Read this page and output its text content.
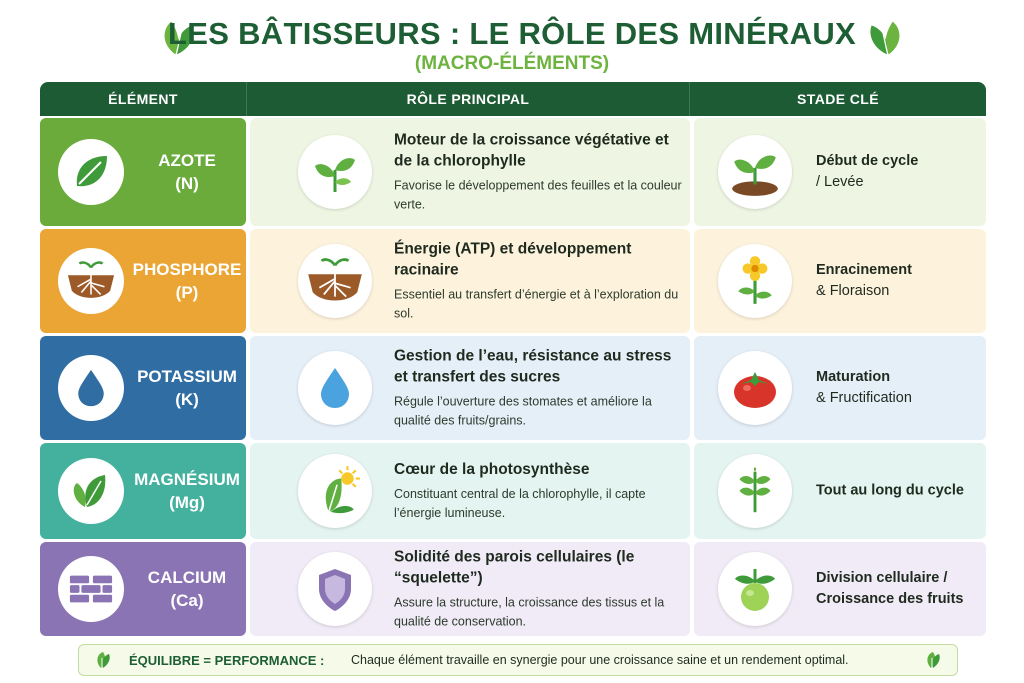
LES BÂTISSEURS : LE RÔLE DES MINÉRAUX
(MACRO-ÉLÉMENTS)
ÉLÉMENT	RÔLE PRINCIPAL	STADE CLÉ
AZOTE
(N)
Moteur de la croissance végétative et de la chlorophylle
Favorise le développement des feuilles et la couleur verte.
Début de cycle
/ Levée
PHOSPHORE
(P)
Énergie (ATP) et développement racinaire
Essentiel au transfert d’énergie et à l’exploration du sol.
Enracinement
& Floraison
POTASSIUM
(K)
Gestion de l’eau, résistance au stress et transfert des sucres
Régule l’ouverture des stomates et améliore la qualité des fruits/grains.
Maturation
& Fructification
MAGNÉSIUM
(Mg)
Cœur de la photosynthèse
Constituant central de la chlorophylle, il capte l’énergie lumineuse.
Tout au long du cycle
CALCIUM
(Ca)
Solidité des parois cellulaires (le “squelette”)
Assure la structure, la croissance des tissus et la qualité de conservation.
Division cellulaire / Croissance des fruits
ÉQUILIBRE = PERFORMANCE : Chaque élément travaille en synergie pour une croissance saine et un rendement optimal.
